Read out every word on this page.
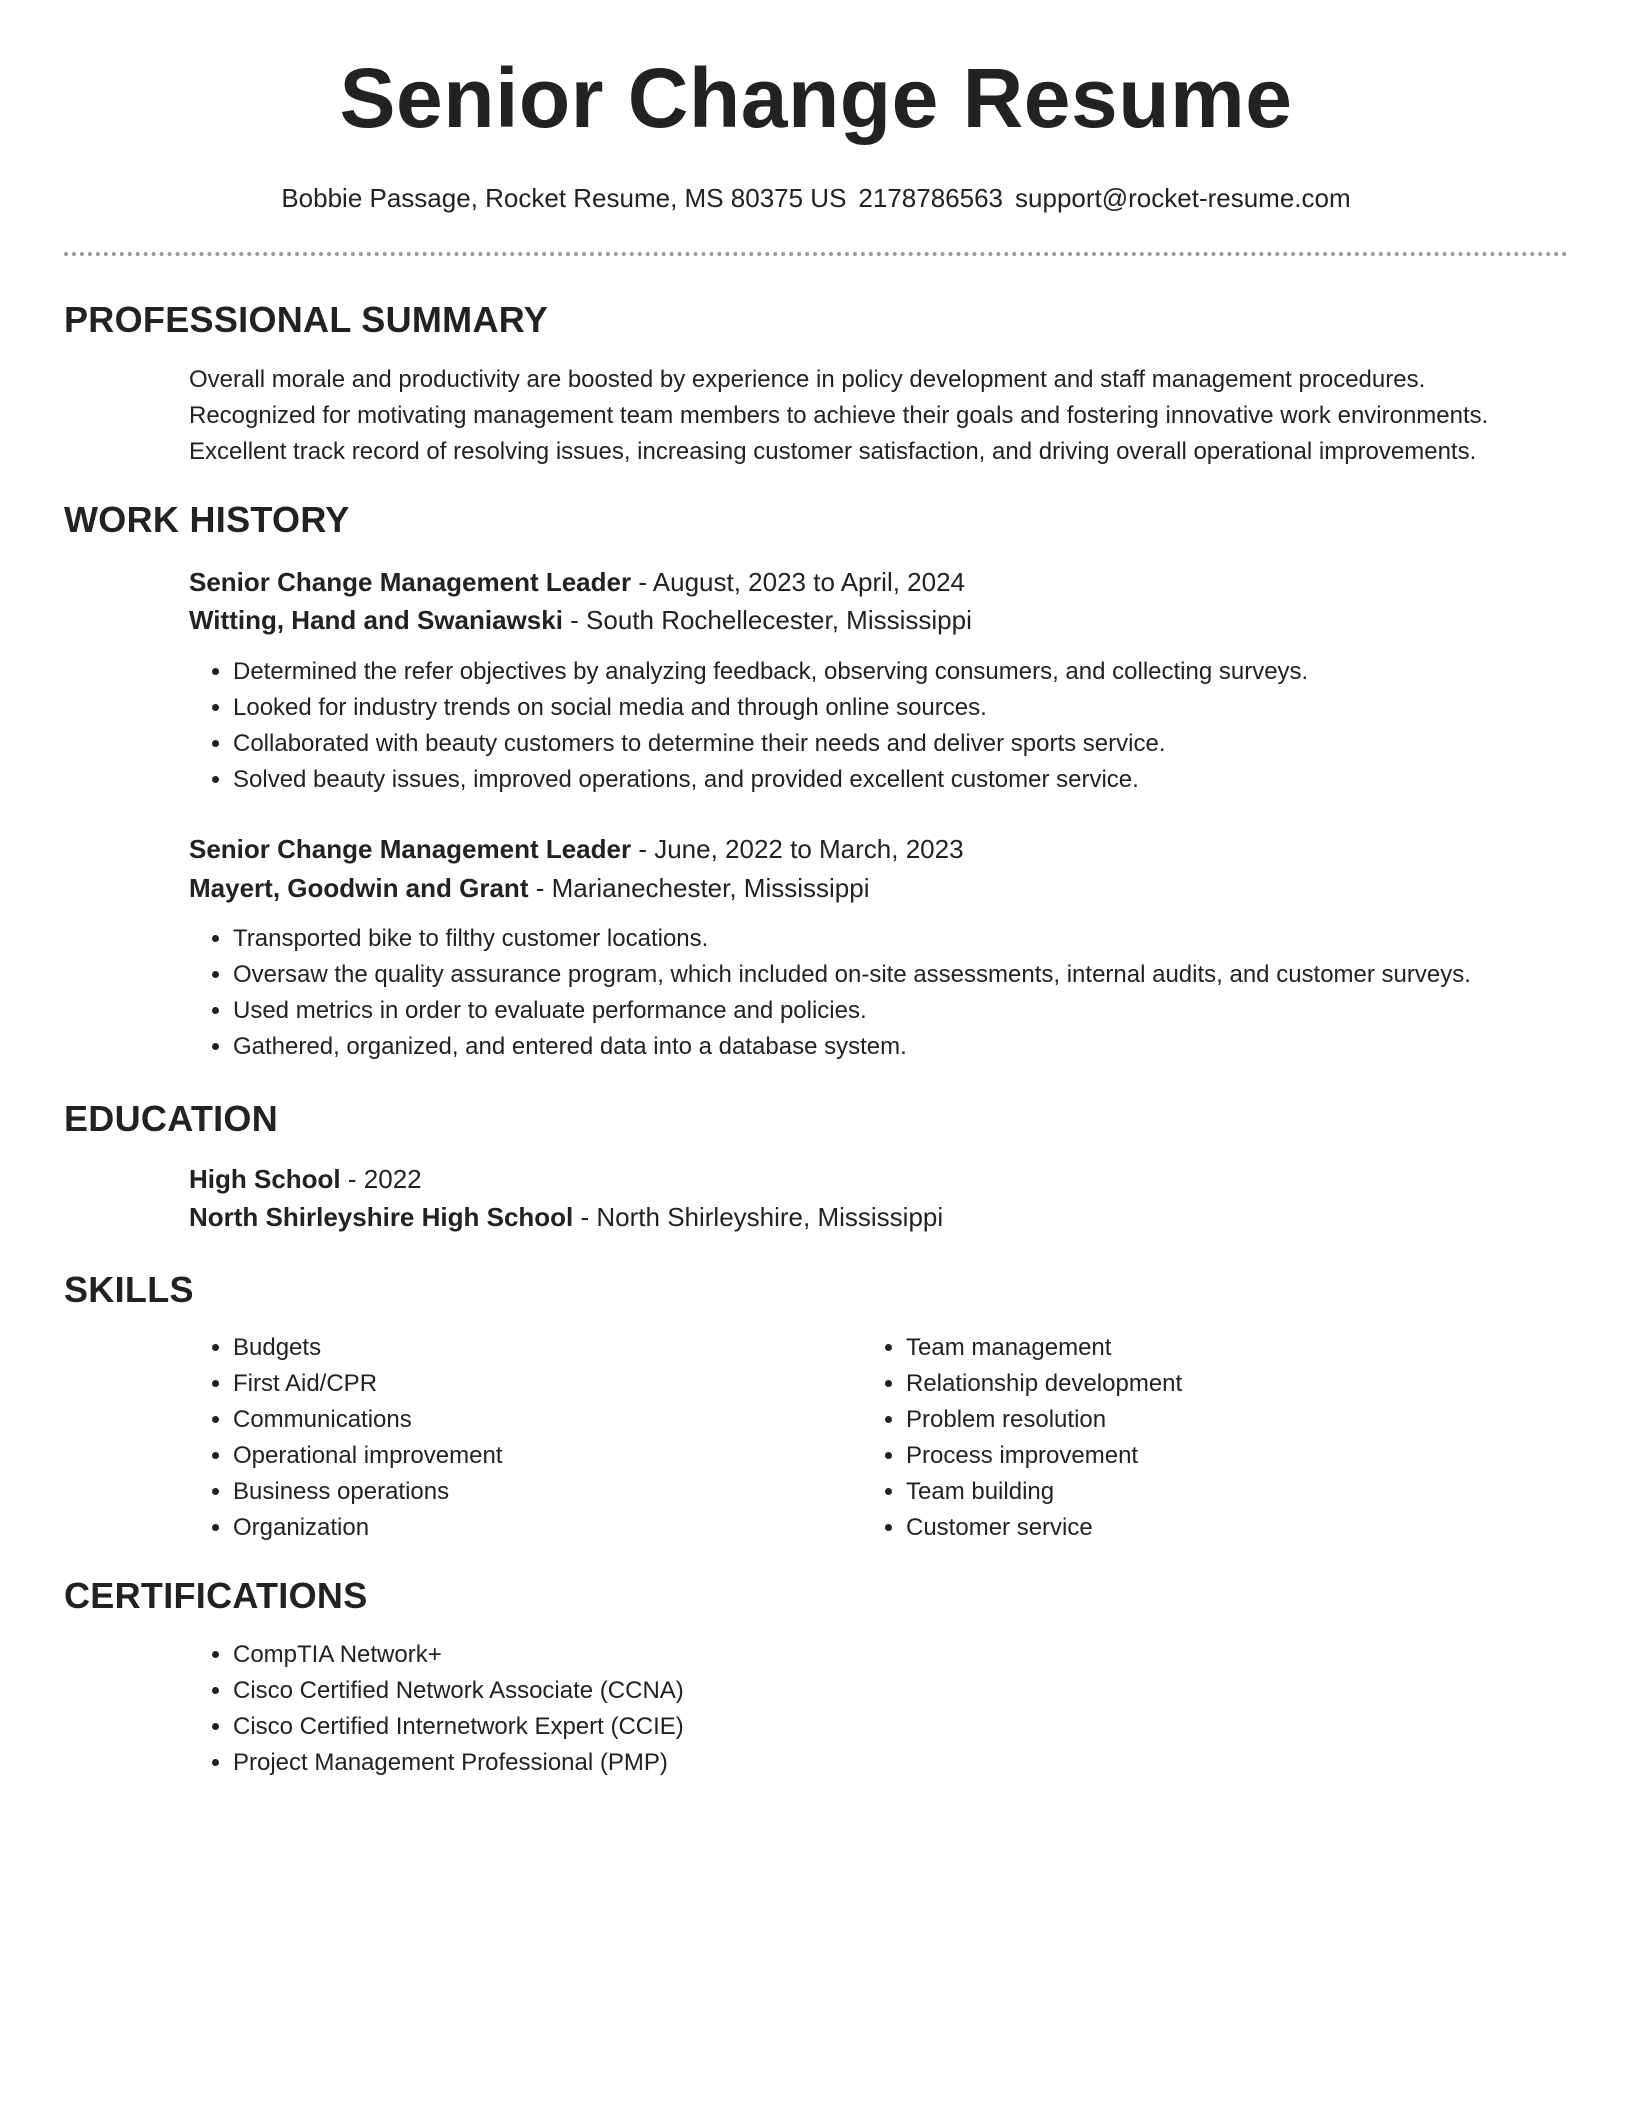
Senior Change Resume
Bobbie Passage, Rocket Resume, MS 80375 US 2178786563 support@rocket-resume.com
PROFESSIONAL SUMMARY
Overall morale and productivity are boosted by experience in policy development and staff management procedures.
Recognized for motivating management team members to achieve their goals and fostering innovative work environments.
Excellent track record of resolving issues, increasing customer satisfaction, and driving overall operational improvements.
WORK HISTORY
Senior Change Management Leader - August, 2023 to April, 2024
Witting, Hand and Swaniawski - South Rochellecester, Mississippi
• Determined the refer objectives by analyzing feedback, observing consumers, and collecting surveys.
• Looked for industry trends on social media and through online sources.
• Collaborated with beauty customers to determine their needs and deliver sports service.
• Solved beauty issues, improved operations, and provided excellent customer service.
Senior Change Management Leader - June, 2022 to March, 2023
Mayert, Goodwin and Grant - Marianechester, Mississippi
• Transported bike to filthy customer locations.
• Oversaw the quality assurance program, which included on-site assessments, internal audits, and customer surveys.
• Used metrics in order to evaluate performance and policies.
• Gathered, organized, and entered data into a database system.
EDUCATION
High School - 2022
North Shirleyshire High School - North Shirleyshire, Mississippi
SKILLS
• Budgets
• First Aid/CPR
• Communications
• Operational improvement
• Business operations
• Organization
• Team management
• Relationship development
• Problem resolution
• Process improvement
• Team building
• Customer service
CERTIFICATIONS
• CompTIA Network+
• Cisco Certified Network Associate (CCNA)
• Cisco Certified Internetwork Expert (CCIE)
• Project Management Professional (PMP)
